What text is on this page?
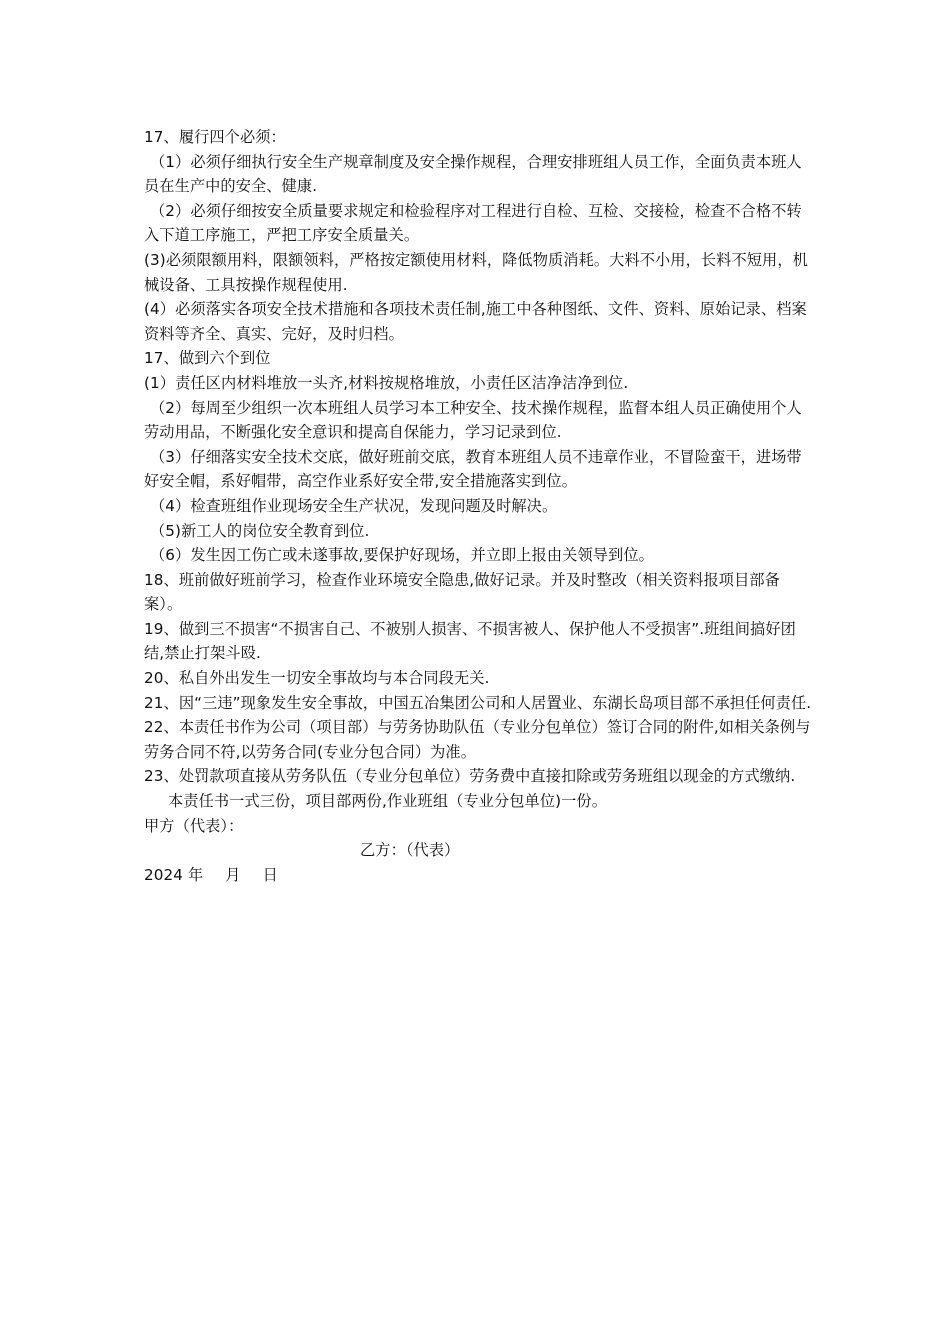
17、履行四个必须：

（1）必须仔细执行安全生产规章制度及安全操作规程，合理安排班组人员工作，全面负责本班人员在生产中的安全、健康.

（2）必须仔细按安全质量要求规定和检验程序对工程进行自检、互检、交接检，检查不合格不转入下道工序施工，严把工序安全质量关。

(3)必须限额用料，限额领料，严格按定额使用材料，降低物质消耗。大料不小用，长料不短用，机械设备、工具按操作规程使用.

(4）必须落实各项安全技术措施和各项技术责任制,施工中各种图纸、文件、资料、原始记录、档案资料等齐全、真实、完好，及时归档。

17、做到六个到位

(1）责任区内材料堆放一头齐,材料按规格堆放，小责任区洁净洁净到位.

（2）每周至少组织一次本班组人员学习本工种安全、技术操作规程，监督本组人员正确使用个人劳动用品，不断强化安全意识和提高自保能力，学习记录到位.

（3）仔细落实安全技术交底，做好班前交底，教育本班组人员不违章作业，不冒险蛮干，进场带好安全帽，系好帽带，高空作业系好安全带,安全措施落实到位。

（4）检查班组作业现场安全生产状况，发现问题及时解决。

（5)新工人的岗位安全教育到位.

（6）发生因工伤亡或未遂事故,要保护好现场，并立即上报由关领导到位。

18、班前做好班前学习，检查作业环境安全隐患,做好记录。并及时整改（相关资料报项目部备案）。

19、做到三不损害“不损害自己、不被别人损害、不损害被人、保护他人不受损害”.班组间搞好团结,禁止打架斗殴.

20、私自外出发生一切安全事故均与本合同段无关.

21、因“三违”现象发生安全事故，中国五冶集团公司和人居置业、东湖长岛项目部不承担任何责任.

22、本责任书作为公司（项目部）与劳务协助队伍（专业分包单位）签订合同的附件,如相关条例与劳务合同不符,以劳务合同(专业分包合同）为准。

23、处罚款项直接从劳务队伍（专业分包单位）劳务费中直接扣除或劳务班组以现金的方式缴纳.

本责任书一式三份，项目部两份,作业班组（专业分包单位)一份。

甲方（代表）：

乙方：（代表）

2024 年 月 日
